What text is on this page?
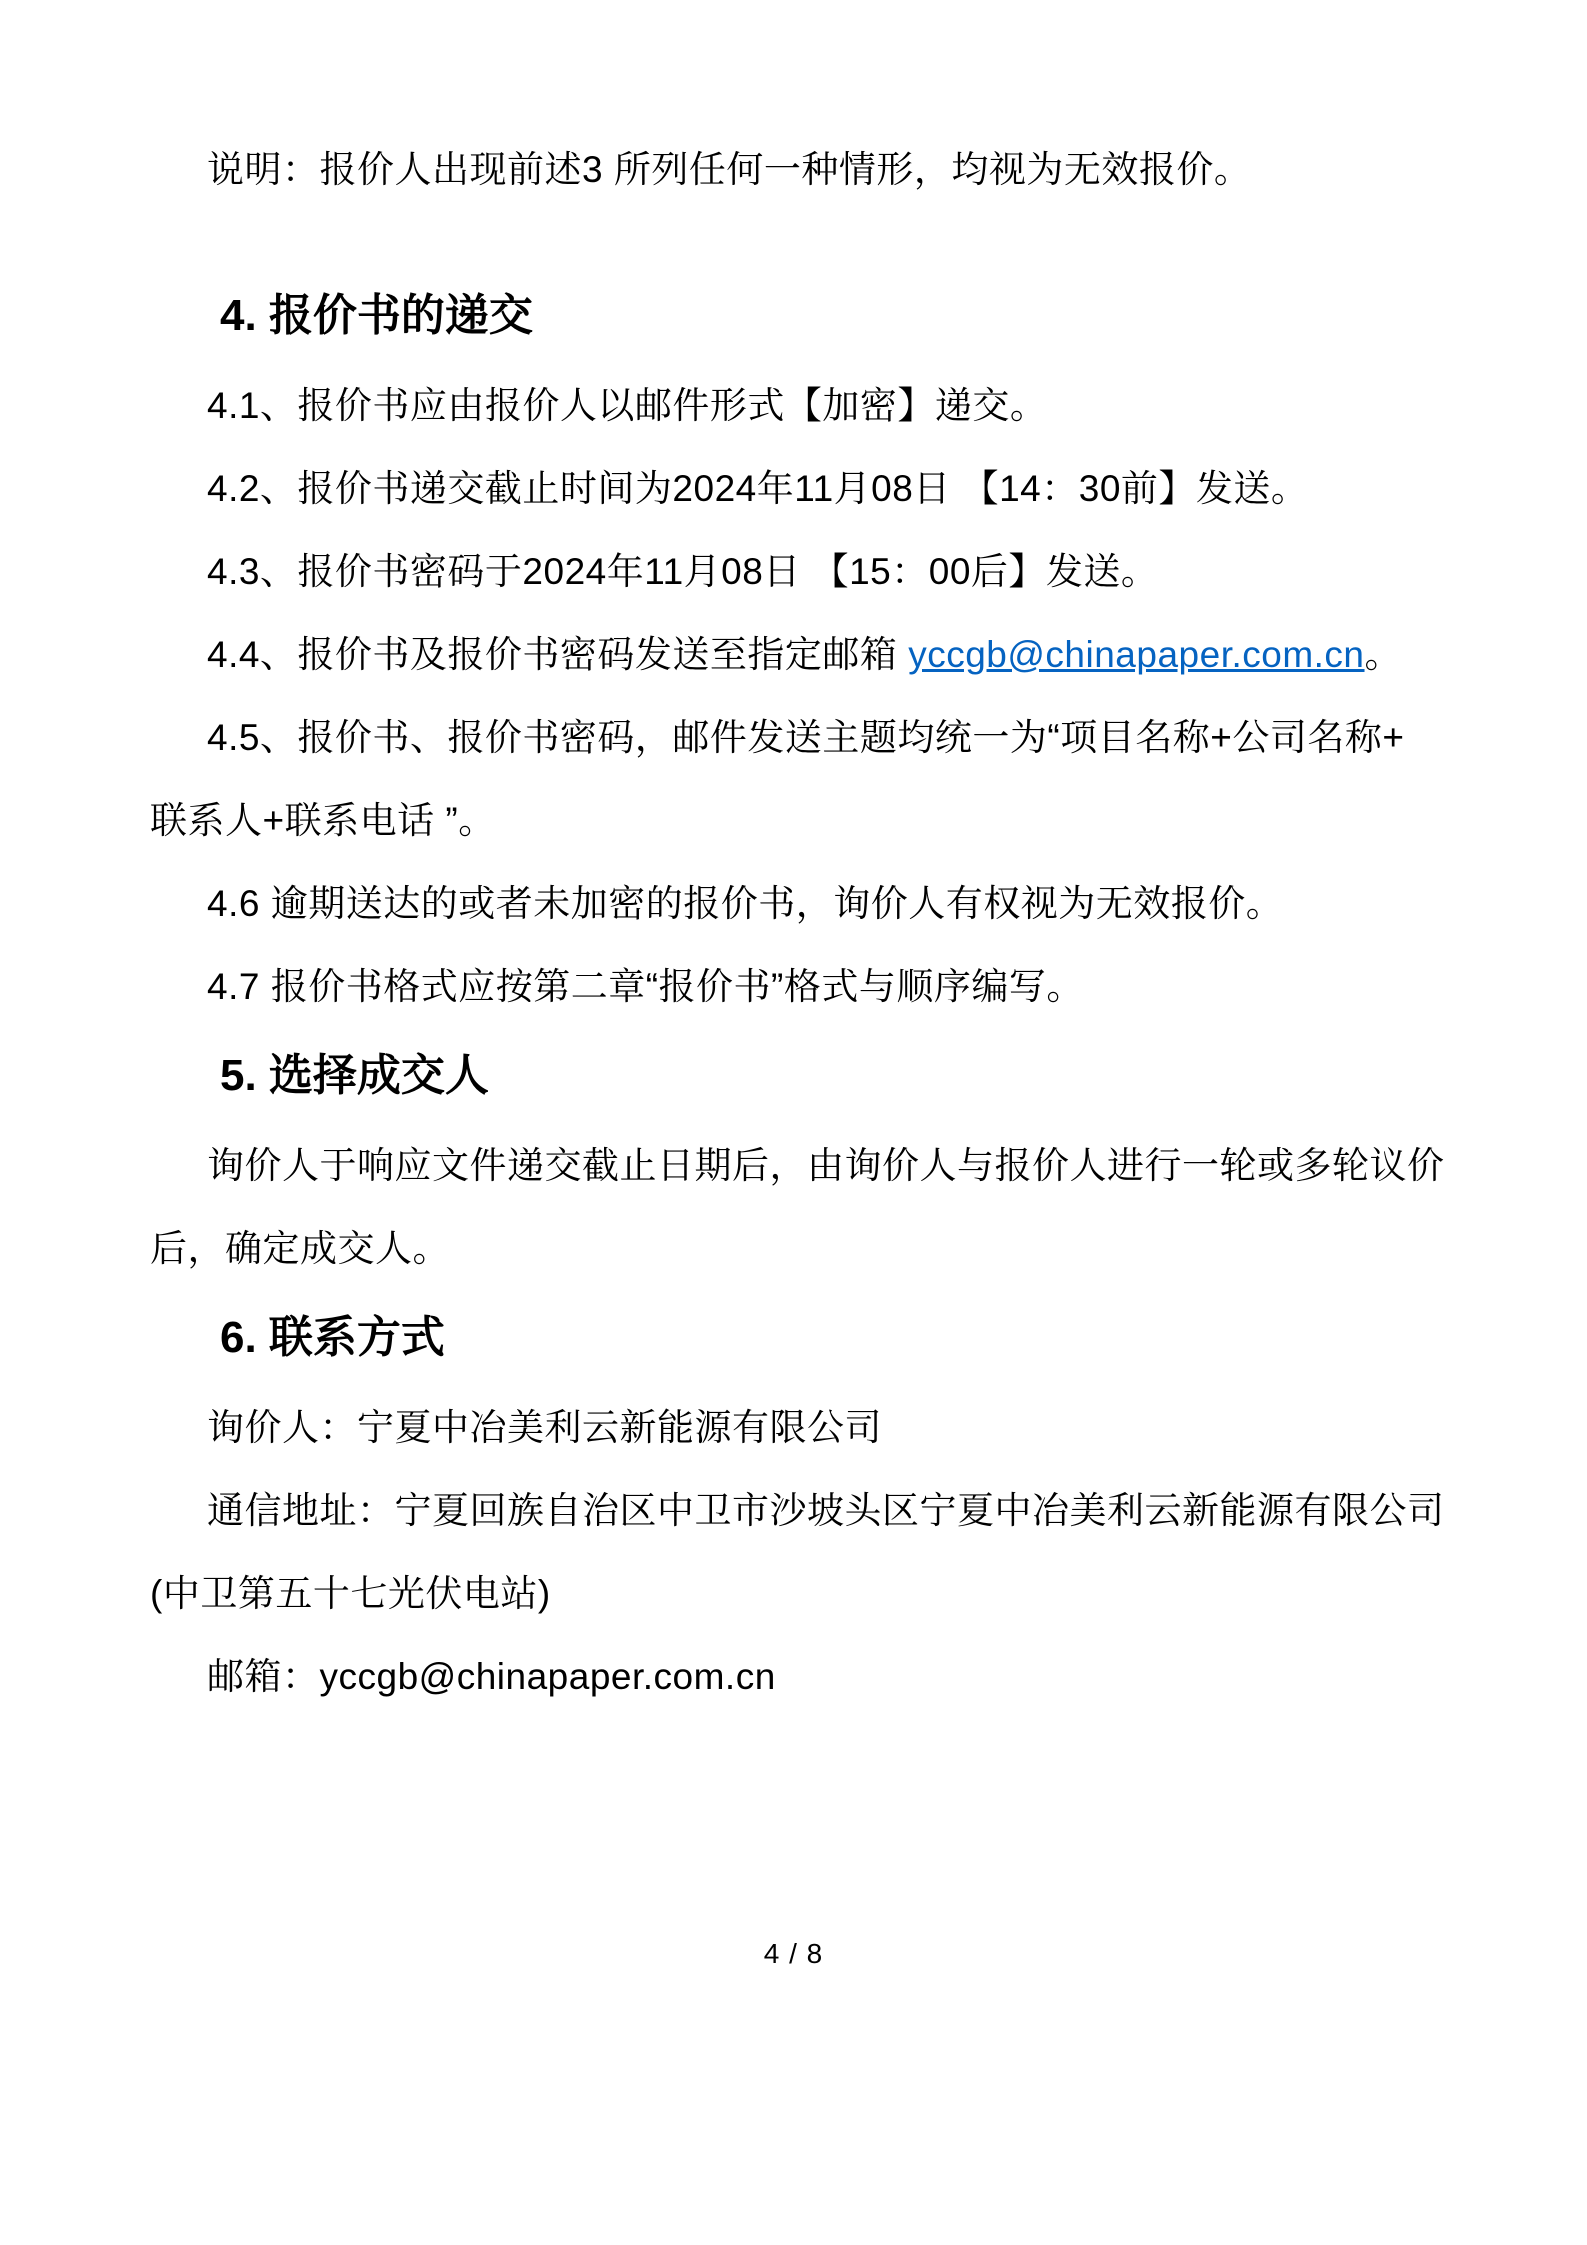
说明：报价人出现前述3 所列任何一种情形，均视为无效报价。
4. 报价书的递交
4.1、报价书应由报价人以邮件形式【加密】递交。
4.2、报价书递交截止时间为2024年11月08日 【14：30前】发送。
4.3、报价书密码于2024年11月08日 【15：00后】发送。
4.4、报价书及报价书密码发送至指定邮箱 yccgb@chinapaper.com.cn。
4.5、报价书、报价书密码，邮件发送主题均统一为“项目名称+公司名称+
联系人+联系电话 ”。
4.6 逾期送达的或者未加密的报价书，询价人有权视为无效报价。
4.7 报价书格式应按第二章“报价书”格式与顺序编写。
5. 选择成交人
询价人于响应文件递交截止日期后，由询价人与报价人进行一轮或多轮议价
后，确定成交人。
6. 联系方式
询价人：宁夏中冶美利云新能源有限公司
通信地址：宁夏回族自治区中卫市沙坡头区宁夏中冶美利云新能源有限公司
(中卫第五十七光伏电站)
邮箱：yccgb@chinapaper.com.cn
4 / 8
